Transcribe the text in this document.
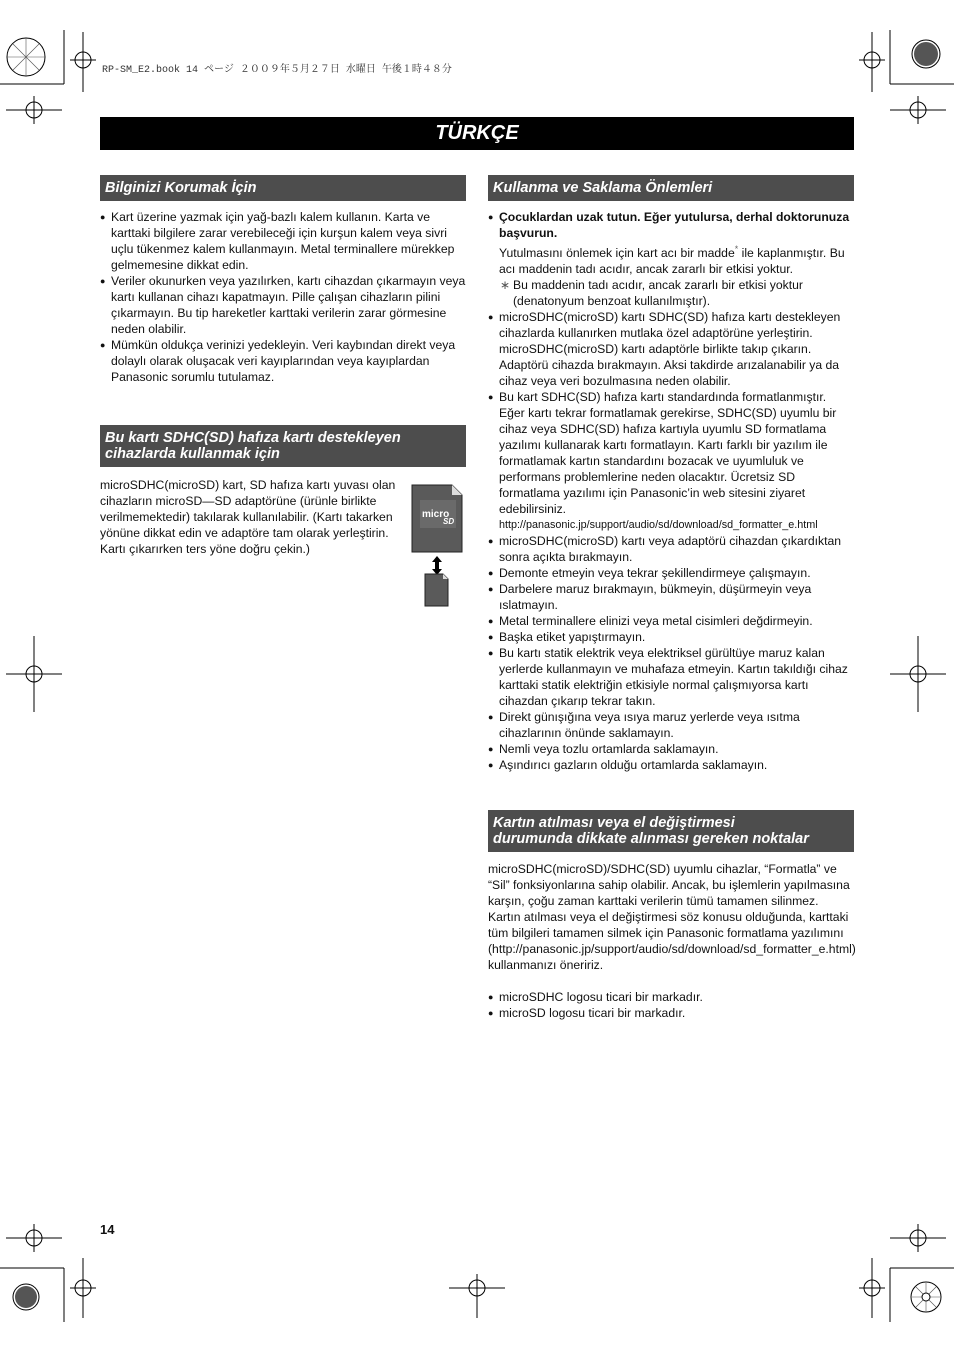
RP-SM_E2.book 14 ページ ２００９年５月２７日 水曜日 午後１時４８分
TÜRKÇE
Bilginizi Korumak İçin
● Kart üzerine yazmak için yağ-bazlı kalem kullanın. Karta ve karttaki bilgilere zarar verebileceği için kurşun kalem veya sivri uçlu tükenmez kalem kullanmayın. Metal terminallere mürekkep gelmemesine dikkat edin.
● Veriler okunurken veya yazılırken, kartı cihazdan çıkarmayın veya kartı kullanan cihazı kapatmayın. Pille çalışan cihazların pilini çıkarmayın. Bu tip hareketler karttaki verilerin zarar görmesine neden olabilir.
● Mümkün oldukça verinizi yedekleyin. Veri kaybından direkt veya dolaylı olarak oluşacak veri kayıplarından veya kayıplardan Panasonic sorumlu tutulamaz.
Bu kartı SDHC(SD) hafıza kartı destekleyen
cihazlarda kullanmak için
microSDHC(microSD) kart, SD hafıza kartı yuvası olan cihazların microSD—SD adaptörüne (ürünle birlikte verilmemektedir) takılarak kullanılabilir. (Kartı takarken yönüne dikkat edin ve adaptöre tam olarak yerleştirin. Kartı çıkarırken ters yöne doğru çekin.)
micro
SD
Kullanma ve Saklama Önlemleri
● Çocuklardan uzak tutun. Eğer yutulursa, derhal doktorunuza başvurun.
Yutulmasını önlemek için kart acı bir madde* ile kaplanmıştır. Bu acı maddenin tadı acıdır, ancak zararlı bir etkisi yoktur.
∗ Bu maddenin tadı acıdır, ancak zararlı bir etkisi yoktur (denatonyum benzoat kullanılmıştır).
● microSDHC(microSD) kartı SDHC(SD) hafıza kartı destekleyen cihazlarda kullanırken mutlaka özel adaptörüne yerleştirin. microSDHC(microSD) kartı adaptörle birlikte takıp çıkarın. Adaptörü cihazda bırakmayın. Aksi takdirde arızalanabilir ya da cihaz veya veri bozulmasına neden olabilir.
● Bu kart SDHC(SD) hafıza kartı standardında formatlanmıştır. Eğer kartı tekrar formatlamak gerekirse, SDHC(SD) uyumlu bir cihaz veya SDHC(SD) hafıza kartıyla uyumlu SD formatlama yazılımı kullanarak kartı formatlayın. Kartı farklı bir yazılım ile formatlamak kartın standardını bozacak ve uyumluluk ve performans problemlerine neden olacaktır. Ücretsiz SD formatlama yazılımı için Panasonic’in web sitesini ziyaret edebilirsiniz.
http://panasonic.jp/support/audio/sd/download/sd_formatter_e.html
● microSDHC(microSD) kartı veya adaptörü cihazdan çıkardıktan sonra açıkta bırakmayın.
● Demonte etmeyin veya tekrar şekillendirmeye çalışmayın.
● Darbelere maruz bırakmayın, bükmeyin, düşürmeyin veya ıslatmayın.
● Metal terminallere elinizi veya metal cisimleri değdirmeyin.
● Başka etiket yapıştırmayın.
● Bu kartı statik elektrik veya elektriksel gürültüye maruz kalan yerlerde kullanmayın ve muhafaza etmeyin. Kartın takıldığı cihaz karttaki statik elektriğin etkisiyle normal çalışmıyorsa kartı cihazdan çıkarıp tekrar takın.
● Direkt günışığına veya ısıya maruz yerlerde veya ısıtma cihazlarının önünde saklamayın.
● Nemli veya tozlu ortamlarda saklamayın.
● Aşındırıcı gazların olduğu ortamlarda saklamayın.
Kartın atılması veya el değiştirmesi
durumunda dikkate alınması gereken noktalar
microSDHC(microSD)/SDHC(SD) uyumlu cihazlar, “Formatla” ve “Sil” fonksiyonlarına sahip olabilir. Ancak, bu işlemlerin yapılmasına karşın, çoğu zaman karttaki verilerin tümü tamamen silinmez. Kartın atılması veya el değiştirmesi söz konusu olduğunda, karttaki tüm bilgileri tamamen silmek için Panasonic formatlama yazılımını (http://panasonic.jp/support/audio/sd/download/sd_formatter_e.html) kullanmanızı öneririz.
● microSDHC logosu ticari bir markadır.
● microSD logosu ticari bir markadır.
14
